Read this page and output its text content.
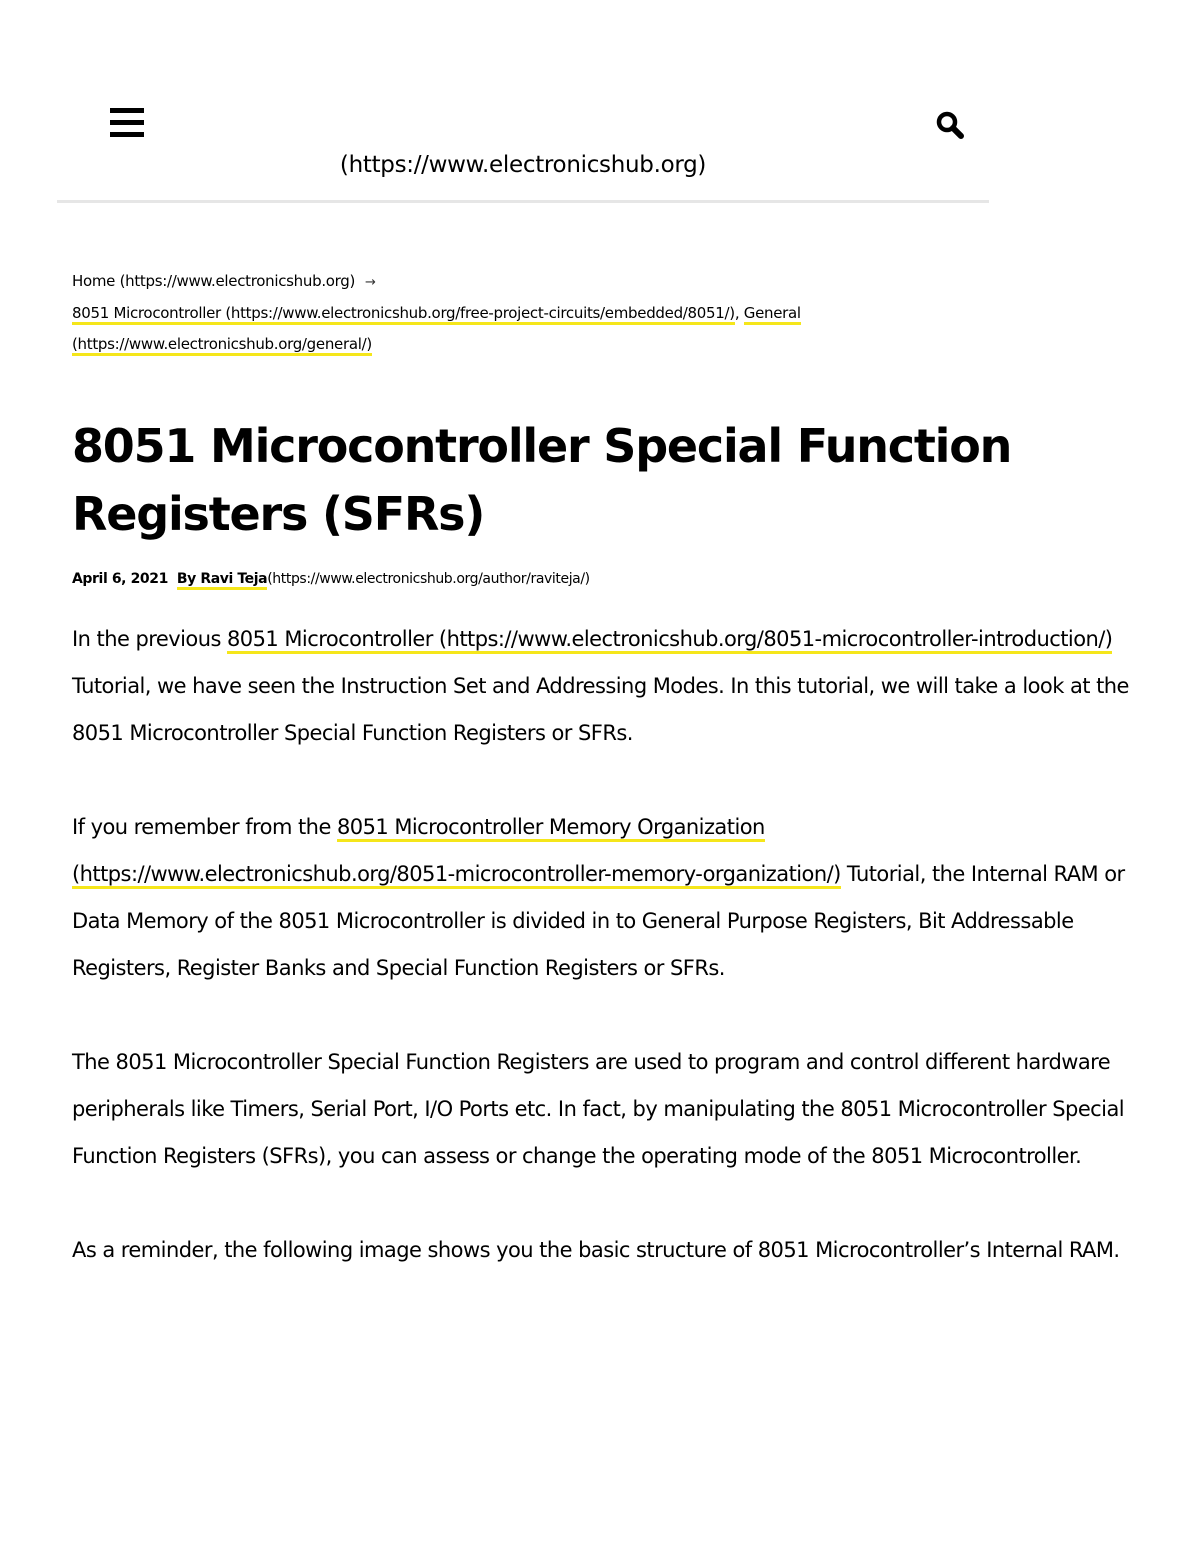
(https://www.electronicshub.org)
Home (https://www.electronicshub.org) →
8051 Microcontroller (https://www.electronicshub.org/free-project-circuits/embedded/8051/), General
(https://www.electronicshub.org/general/)
8051 Microcontroller Special Function Registers (SFRs)
April 6, 2021 By Ravi Teja(https://www.electronicshub.org/author/raviteja/)

In the previous 8051 Microcontroller (https://www.electronicshub.org/8051-microcontroller-introduction/) Tutorial, we have seen the Instruction Set and Addressing Modes. In this tutorial, we will take a look at the 8051 Microcontroller Special Function Registers or SFRs.

If you remember from the 8051 Microcontroller Memory Organization (https://www.electronicshub.org/8051-microcontroller-memory-organization/) Tutorial, the Internal RAM or Data Memory of the 8051 Microcontroller is divided in to General Purpose Registers, Bit Addressable Registers, Register Banks and Special Function Registers or SFRs.

The 8051 Microcontroller Special Function Registers are used to program and control different hardware peripherals like Timers, Serial Port, I/O Ports etc. In fact, by manipulating the 8051 Microcontroller Special Function Registers (SFRs), you can assess or change the operating mode of the 8051 Microcontroller.

As a reminder, the following image shows you the basic structure of 8051 Microcontroller’s Internal RAM.
